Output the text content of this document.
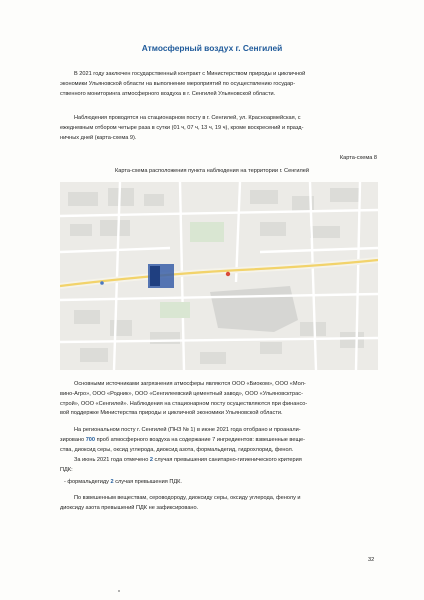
Атмосферный воздух г. Сенгилей
В 2021 году заключен государственный контракт с Министерством природы и цикличной
экономики Ульяновской области на выполнение мероприятий по осуществлению государ-
ственного мониторинга атмосферного воздуха в г. Сенгилей Ульяновской области.
Наблюдения проводятся на стационарном посту в г. Сенгилей, ул. Красноармейская, с
ежедневным отбором четыре раза в сутки (01 ч, 07 ч, 13 ч, 19 ч), кроме воскресений и празд-
ничных дней (карта-схема 9).
Карта-схема 8
Карта-схема расположения пункта наблюдения на территории г. Сенгилей
Основными источниками загрязнения атмосферы являются ООО «Биоком», ООО «Мол-
вино-Агро», ООО «Родник», ООО «Сенгилеевский цементный завод», ООО «Ульяновсктрас-
строй», ООО «Сенгилей». Наблюдения на стационарном посту осуществляются при финансо-
вой поддержке Министерства природы и цикличной экономики Ульяновской области.
На региональном посту г. Сенгилей (ПНЗ № 1) в июне 2021 года отобрано и проанали-
зировано 700 проб атмосферного воздуха на содержание 7 ингредиентов: взвешенные веще-
ства, диоксид серы, оксид углерода, диоксид азота, формальдегид, гидрохлорид, фенол.
За июнь 2021 года отмечено 2 случая превышения санитарно-гигиенического критерия
ПДК:
- формальдегиду 2 случая превышения ПДК.
По взвешенным веществам, сероводороду, диоксиду серы, оксиду углерода, фенолу и
диоксиду азота превышений ПДК не зафиксировано.
32
